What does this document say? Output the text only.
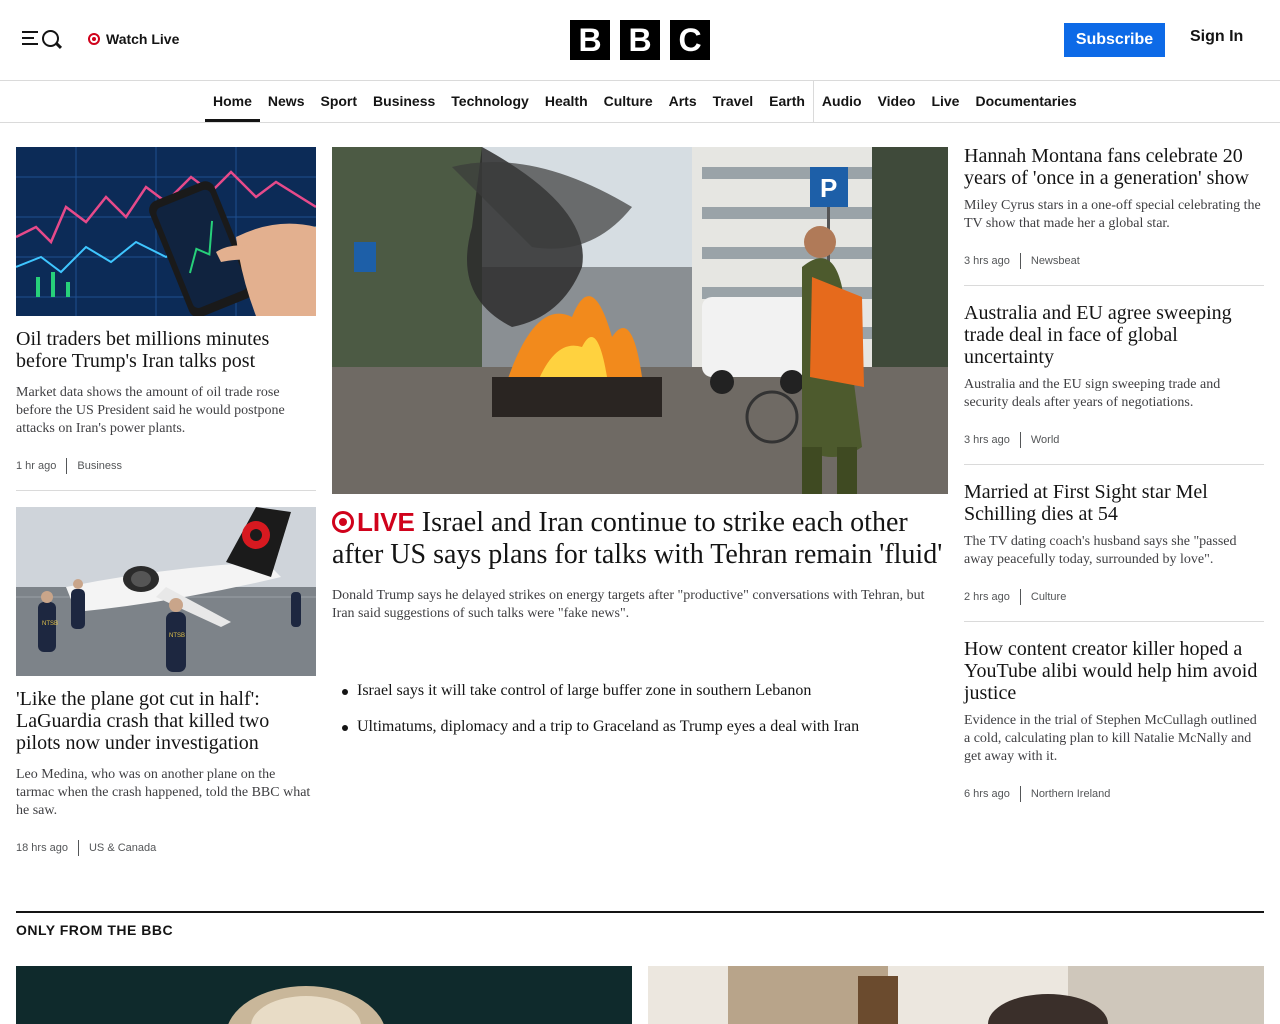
Watch Live	B B C	Subscribe	Sign In
Home	News	Sport	Business	Technology	Health	Culture	Arts	Travel	Earth	Audio	Video	Live	Documentaries
Oil traders bet millions minutes before Trump's Iran talks post

Market data shows the amount of oil trade rose before the US President said he would postpone attacks on Iran's power plants.

1 hr ago Business
NTSB
NTSB
'Like the plane got cut in half': LaGuardia crash that killed two pilots now under investigation

Leo Medina, who was on another plane on the tarmac when the crash happened, told the BBC what he saw.

18 hrs ago US & Canada
P
LIVE Israel and Iran continue to strike each other after US says plans for talks with Tehran remain 'fluid'

Donald Trump says he delayed strikes on energy targets after "productive" conversations with Tehran, but Iran said suggestions of such talks were "fake news".

Israel says it will take control of large buffer zone in southern Lebanon
Ultimatums, diplomacy and a trip to Graceland as Trump eyes a deal with Iran
Hannah Montana fans celebrate 20 years of 'once in a generation' show

Miley Cyrus stars in a one-off special celebrating the TV show that made her a global star.

3 hrs ago Newsbeat
Australia and EU agree sweeping trade deal in face of global uncertainty

Australia and the EU sign sweeping trade and security deals after years of negotiations.

3 hrs ago World
Married at First Sight star Mel Schilling dies at 54

The TV dating coach's husband says she "passed away peacefully today, surrounded by love".

2 hrs ago Culture
How content creator killer hoped a YouTube alibi would help him avoid justice

Evidence in the trial of Stephen McCullagh outlined a cold, calculating plan to kill Natalie McNally and get away with it.

6 hrs ago Northern Ireland
ONLY FROM THE BBC
